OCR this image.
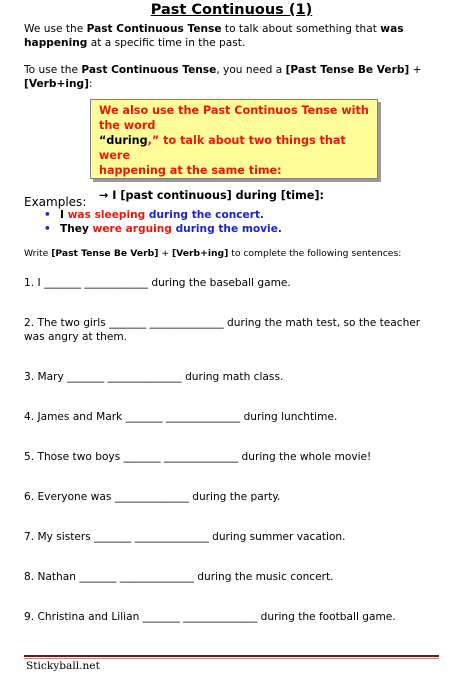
Past Continuous (1)
We use the Past Continuous Tense to talk about something that was
happening at a specific time in the past.
To use the Past Continuous Tense, you need a [Past Tense Be Verb] +
[Verb+ing]:
We also use the Past Continuos Tense with the word
“during,” to talk about two things that were
happening at the same time:
→ I [past continuous] during [time]:
Examples:
• I was sleeping during the concert.
• They were arguing during the movie.
Write [Past Tense Be Verb] + [Verb+ing] to complete the following sentences:
1. I _______ ____________ during the baseball game.
2. The two girls _______ ______________ during the math test, so the teacher was angry at them.
3. Mary _______ ______________ during math class.
4. James and Mark _______ ______________ during lunchtime.
5. Those two boys _______ ______________ during the whole movie!
6. Everyone was ______________ during the party.
7. My sisters _______ ______________ during summer vacation.
8. Nathan _______ ______________ during the music concert.
9. Christina and Lilian _______ ______________ during the football game.
Stickyball.net
